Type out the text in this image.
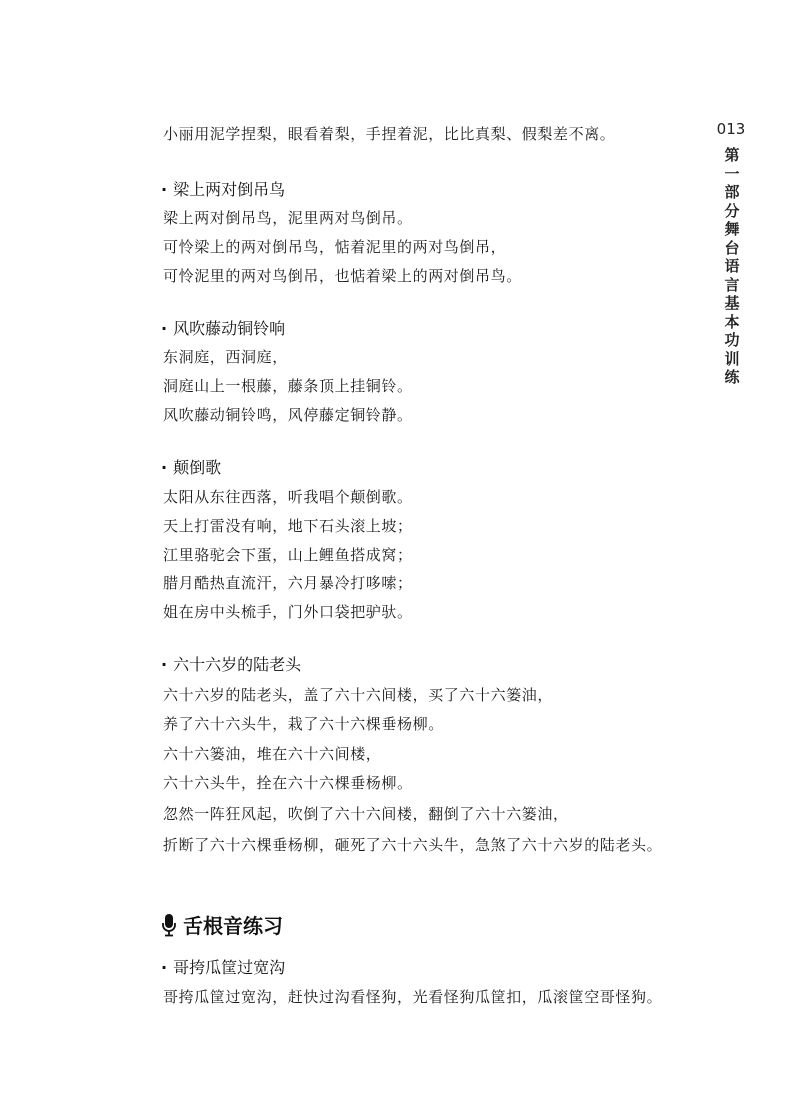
013
第一部分 舞台语言基本功训练
小丽用泥学捏梨，眼看着梨，手捏着泥，比比真梨、假梨差不离。
· 梁上两对倒吊鸟
梁上两对倒吊鸟，泥里两对鸟倒吊。
可怜梁上的两对倒吊鸟，惦着泥里的两对鸟倒吊，
可怜泥里的两对鸟倒吊，也惦着梁上的两对倒吊鸟。
· 风吹藤动铜铃响
东洞庭，西洞庭，
洞庭山上一根藤，藤条顶上挂铜铃。
风吹藤动铜铃鸣，风停藤定铜铃静。
· 颠倒歌
太阳从东往西落，听我唱个颠倒歌。
天上打雷没有响，地下石头滚上坡；
江里骆驼会下蛋，山上鲤鱼搭成窝；
腊月酷热直流汗，六月暴冷打哆嗦；
姐在房中头梳手，门外口袋把驴驮。
· 六十六岁的陆老头
六十六岁的陆老头，盖了六十六间楼，买了六十六篓油，
养了六十六头牛，栽了六十六棵垂杨柳。
六十六篓油，堆在六十六间楼，
六十六头牛，拴在六十六棵垂杨柳。
忽然一阵狂风起，吹倒了六十六间楼，翻倒了六十六篓油，
折断了六十六棵垂杨柳，砸死了六十六头牛，急煞了六十六岁的陆老头。
舌根音练习
· 哥挎瓜筐过宽沟
哥挎瓜筐过宽沟，赶快过沟看怪狗，光看怪狗瓜筐扣，瓜滚筐空哥怪狗。
